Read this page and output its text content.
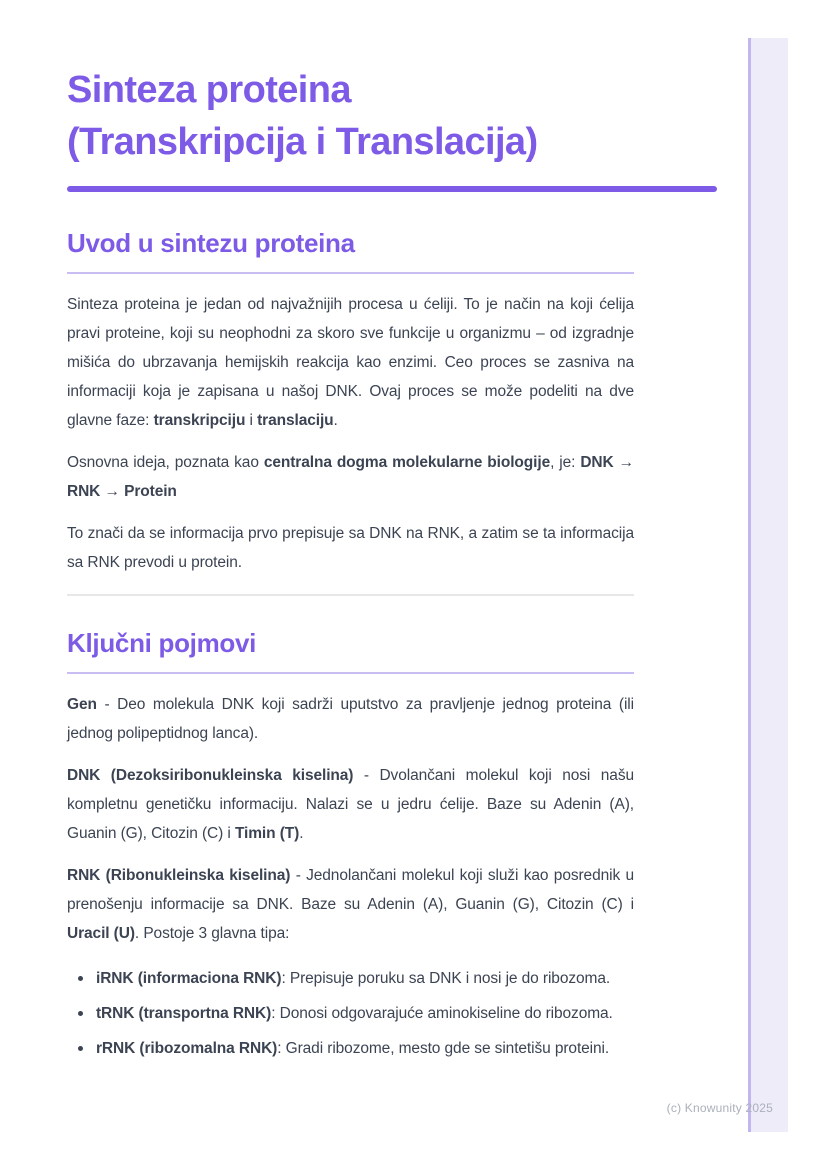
Sinteza proteina
(Transkripcija i Translacija)
Uvod u sintezu proteina

Sinteza proteina je jedan od najvažnijih procesa u ćeliji. To je način na koji ćelija pravi proteine, koji su neophodni za skoro sve funkcije u organizmu – od izgradnje mišića do ubrzavanja hemijskih reakcija kao enzimi. Ceo proces se zasniva na informaciji koja je zapisana u našoj DNK. Ovaj proces se može podeliti na dve glavne faze: transkripciju i translaciju.

Osnovna ideja, poznata kao centralna dogma molekularne biologije, je: DNK → RNK → Protein

To znači da se informacija prvo prepisuje sa DNK na RNK, a zatim se ta informacija sa RNK prevodi u protein.

Ključni pojmovi

Gen - Deo molekula DNK koji sadrži uputstvo za pravljenje jednog proteina (ili jednog polipeptidnog lanca).

DNK (Dezoksiribonukleinska kiselina) - Dvolančani molekul koji nosi našu kompletnu genetičku informaciju. Nalazi se u jedru ćelije. Baze su Adenin (A), Guanin (G), Citozin (C) i Timin (T).

RNK (Ribonukleinska kiselina) - Jednolančani molekul koji služi kao posrednik u prenošenju informacije sa DNK. Baze su Adenin (A), Guanin (G), Citozin (C) i Uracil (U). Postoje 3 glavna tipa:

iRNK (informaciona RNK): Prepisuje poruku sa DNK i nosi je do ribozoma.
tRNK (transportna RNK): Donosi odgovarajuće aminokiseline do ribozoma.
rRNK (ribozomalna RNK): Gradi ribozome, mesto gde se sintetišu proteini.
(c) Knowunity 2025
